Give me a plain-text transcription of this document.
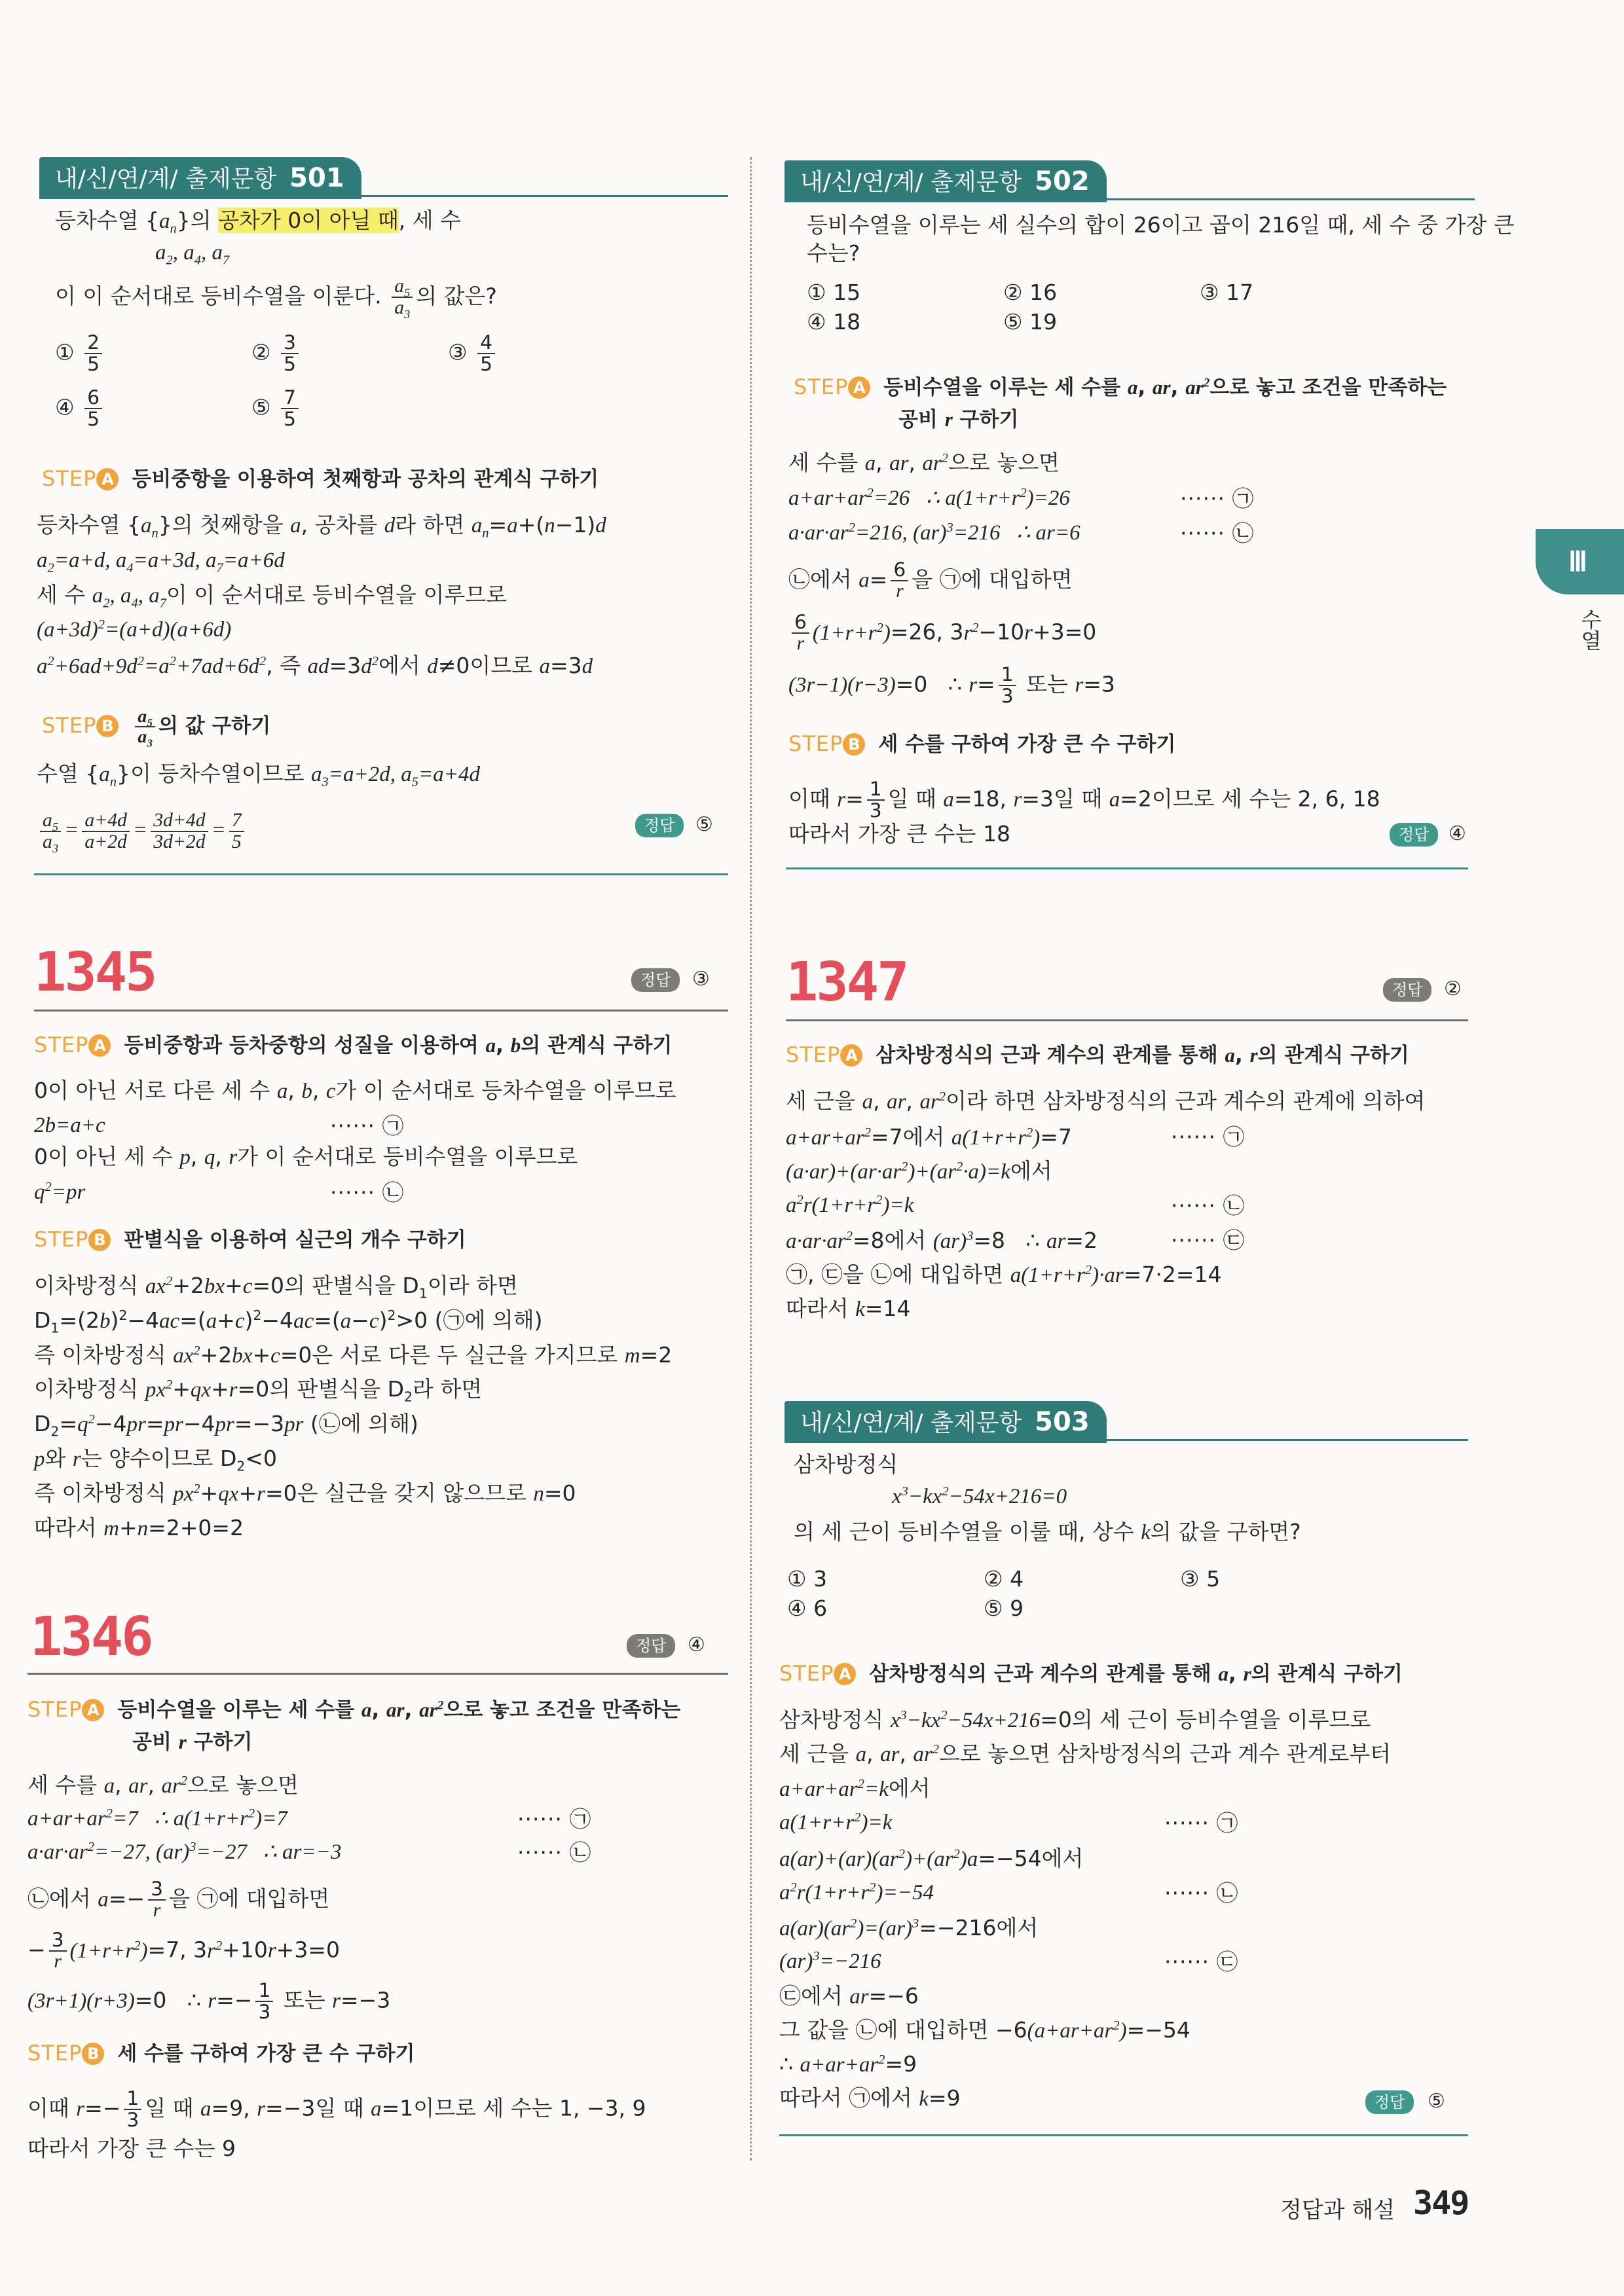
내/신/연/계/ 출제문항 501
등차수열 $\{a_n\}$의 공차가 0이 아닐 때, 세 수
$a_2$, $a_4$, $a_7$
이 이 순서대로 등비수열을 이룬다. $\frac{a_5}{a_3}$ 의 값은?
① $\frac{2}{5}$	② $\frac{3}{5}$	③ $\frac{4}{5}$
④ $\frac{6}{5}$	⑤ $\frac{7}{5}$
STEP A 등비중항을 이용하여 첫째항과 공차의 관계식 구하기
등차수열 $\{a_n\}$의 첫째항을 a, 공차를 d라 하면 $a_n=a+(n-1)d$
$a_2=a+d$, $a_4=a+3d$, $a_7=a+6d$
세 수 $a_2$, $a_4$, $a_7$이 이 순서대로 등비수열을 이루므로
$(a+3d)^2=(a+d)(a+6d)$
$a^2+6ad+9d^2=a^2+7ad+6d^2$, 즉 $ad=3d^2$에서 d≠0이므로 a=3d
STEP B $\frac{a_5}{a_3}$ 의 값 구하기
수열 $\{a_n\}$이 등차수열이므로 $a_3=a+2d$, $a_5=a+4d$
$\frac{a_5}{a_3} = \frac{a+4d}{a+2d} = \frac{3d+4d}{3d+2d} = \frac{7}{5}$	정답	⑤
1345	정답	③
STEP A 등비중항과 등차중항의 성질을 이용하여 a, b의 관계식 구하기
0이 아닌 서로 다른 세 수 a, b, c가 이 순서대로 등차수열을 이루므로
2b=a+c	······ ㉠
0이 아닌 세 수 p, q, r가 이 순서대로 등비수열을 이루므로
$q^2=pr$	······ ㉡
STEP B 판별식을 이용하여 실근의 개수 구하기
이차방정식 $ax^2+2bx+c=0$의 판별식을 $D_1$이라 하면
$D_1=(2b)^2-4ac=(a+c)^2-4ac=(a-c)^2>0$ (㉠에 의해)
즉 이차방정식 $ax^2+2bx+c=0$은 서로 다른 두 실근을 가지므로 m=2
이차방정식 $px^2+qx+r=0$의 판별식을 $D_2$라 하면
$D_2=q^2-4pr=pr-4pr=-3pr$ (㉡에 의해)
p와 r는 양수이므로 $D_2<0$
즉 이차방정식 $px^2+qx+r=0$은 실근을 갖지 않으므로 n=0
따라서 m+n=2+0=2
1346	정답	④
STEP A 등비수열을 이루는 세 수를 a, ar, $ar^2$으로 놓고 조건을 만족하는
공비 r 구하기
세 수를 a, ar, $ar^2$으로 놓으면
$a+ar+ar^2=7$   ∴ $a(1+r+r^2)=7$	······ ㉠
$a\cdot ar\cdot ar^2=-27$, (ar)$^3$=−27   ∴ ar=−3	······ ㉡
㉡에서 $a=- \frac{3}{r}$ 을 ㉠에 대입하면
− $\frac{3}{r} (1+r+r^2)=7$, $3r^2+10r+3=0$
(3r+1)(r+3)=0   ∴ $r=- \frac{1}{3}$ 또는 r=−3
STEP B 세 수를 구하여 가장 큰 수 구하기
이때 $r=- \frac{1}{3}$ 일 때 a=9, r=−3일 때 a=1이므로 세 수는 1, −3, 9
따라서 가장 큰 수는 9
내/신/연/계/ 출제문항 502
등비수열을 이루는 세 실수의 합이 26이고 곱이 216일 때, 세 수 중 가장 큰
수는?
① 15	② 16	③ 17
④ 18	⑤ 19
STEP A 등비수열을 이루는 세 수를 a, ar, $ar^2$으로 놓고 조건을 만족하는
공비 r 구하기
세 수를 a, ar, $ar^2$으로 놓으면
$a+ar+ar^2=26$   ∴ $a(1+r+r^2)=26$	······ ㉠
$a\cdot ar\cdot ar^2=216$, (ar)$^3$=216   ∴ ar=6	······ ㉡
㉡에서 $a= \frac{6}{r}$ 을 ㉠에 대입하면
$\frac{6}{r} (1+r+r^2)=26$, $3r^2-10r+3=0$
(3r−1)(r−3)=0   ∴ $r= \frac{1}{3}$ 또는 r=3
STEP B 세 수를 구하여 가장 큰 수 구하기
이때 $r= \frac{1}{3}$ 일 때 a=18, r=3일 때 a=2이므로 세 수는 2, 6, 18
따라서 가장 큰 수는 18	정답 ④
1347	정답	②
STEP A 삼차방정식의 근과 계수의 관계를 통해 a, r의 관계식 구하기
세 근을 a, ar, $ar^2$이라 하면 삼차방정식의 근과 계수의 관계에 의하여
$a+ar+ar^2=7$에서 $a(1+r+r^2)=7$	······ ㉠
$(a\cdot ar)+(ar\cdot ar^2)+(ar^2\cdot a)=k$에서
$a^2r(1+r+r^2)=k$	······ ㉡
$a\cdot ar\cdot ar^2=8$에서 (ar)$^3$=8   ∴ ar=2	······ ㉢
㉠, ㉢을 ㉡에 대입하면 $a(1+r+r^2)\cdot ar=7\cdot 2=14$
따라서 k=14
내/신/연/계/ 출제문항 503
삼차방정식
$x^3-kx^2-54x+216=0$
의 세 근이 등비수열을 이룰 때, 상수 k의 값을 구하면?
① 3	② 4	③ 5
④ 6	⑤ 9
STEP A 삼차방정식의 근과 계수의 관계를 통해 a, r의 관계식 구하기
삼차방정식 $x^3-kx^2-54x+216=0$의 세 근이 등비수열을 이루므로
세 근을 a, ar, $ar^2$으로 놓으면 삼차방정식의 근과 계수 관계로부터
$a+ar+ar^2=k$에서
$a(1+r+r^2)=k$	······ ㉠
$a(ar)+(ar)(ar^2)+(ar^2)a=-54$에서
$a^2r(1+r+r^2)=-54$	······ ㉡
$a(ar)(ar^2)=(ar)^3=-216$에서
(ar)$^3$=−216	······ ㉢
㉢에서 ar=−6
그 값을 ㉡에 대입하면 $-6(a+ar+ar^2)=-54$
∴ $a+ar+ar^2=9$
따라서 ㉠에서 k=9	정답	⑤
Ⅲ
수열
정답과 해설 349
